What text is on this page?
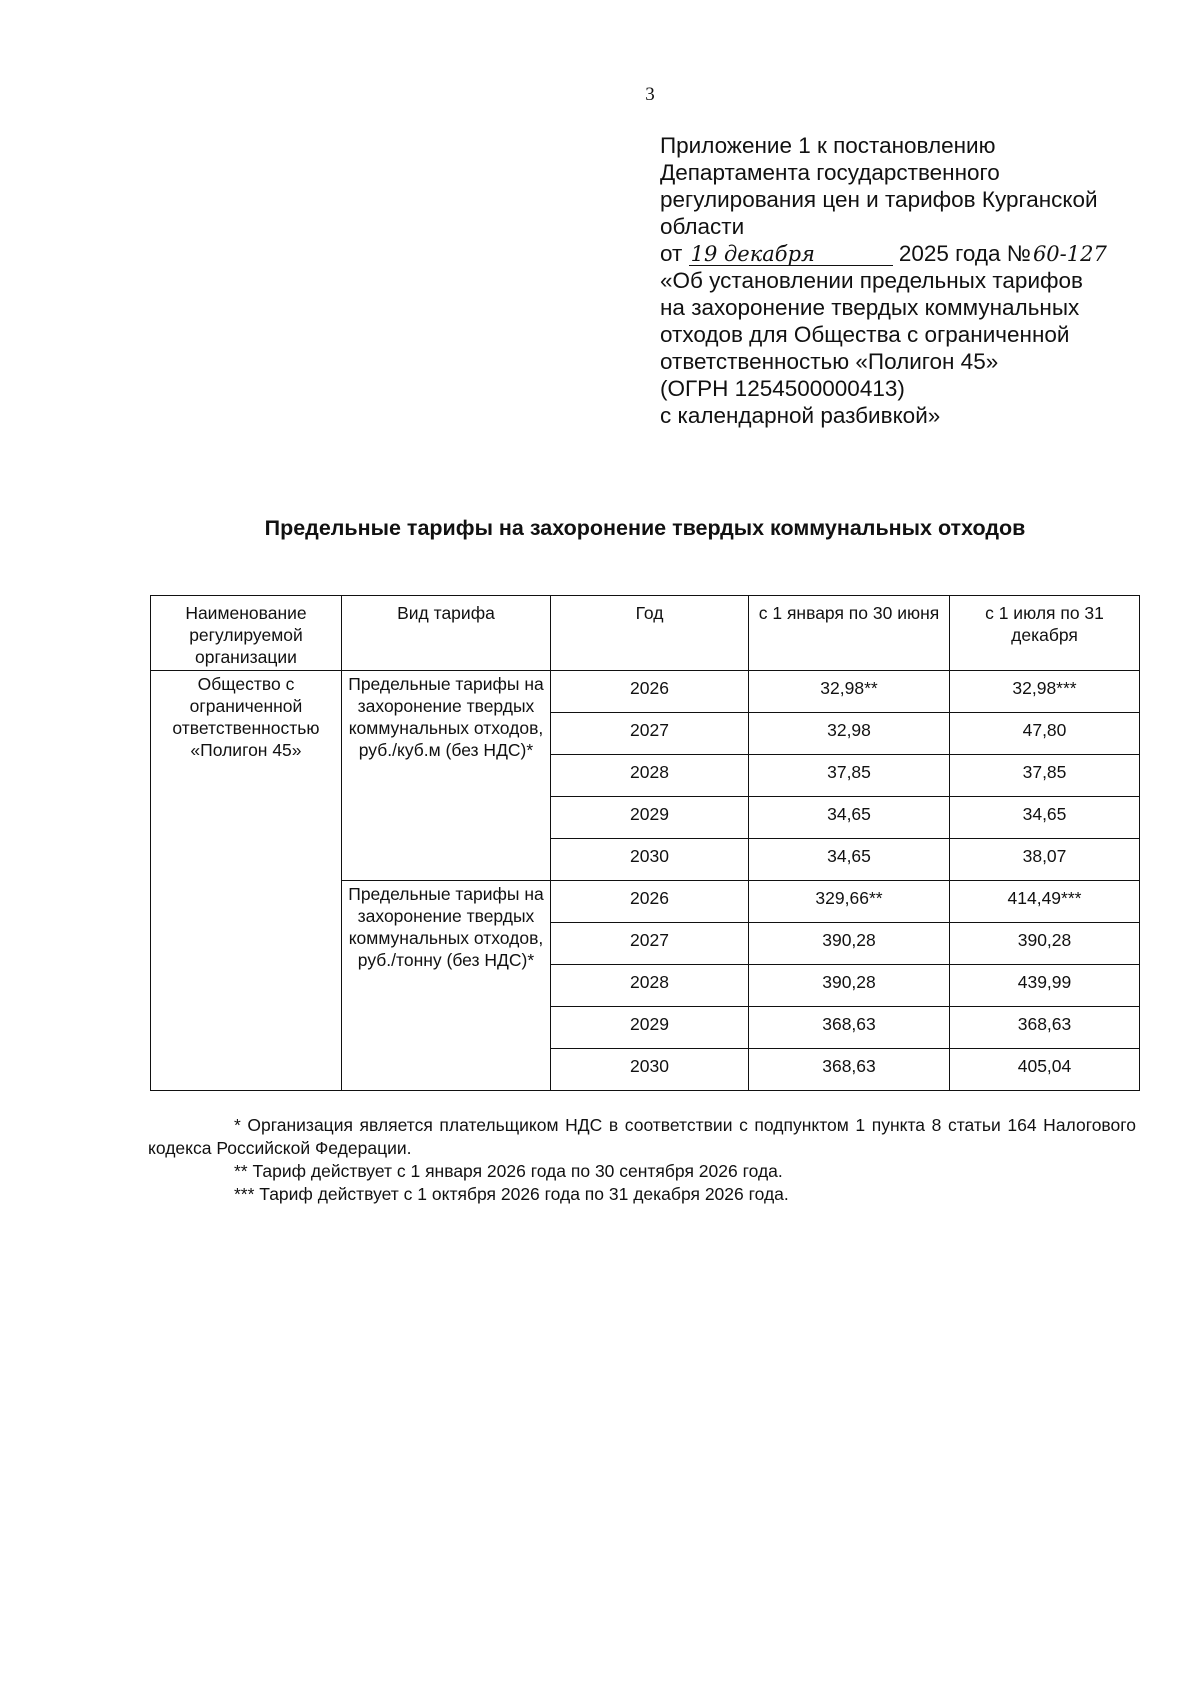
3
Приложение 1 к постановлению
Департамента государственного
регулирования цен и тарифов Курганской
области
от 19 декабря	2025 года №60-127
«Об установлении предельных тарифов
на захоронение твердых коммунальных
отходов для Общества с ограниченной
ответственностью «Полигон 45»
(ОГРН 1254500000413)
с календарной разбивкой»
Предельные тарифы на захоронение твердых коммунальных отходов
Наименование регулируемой организации	Вид тарифа	Год	с 1 января по 30 июня	с 1 июля по 31 декабря
Общество с ограниченной ответственностью «Полигон 45»	Предельные тарифы на захоронение твердых коммунальных отходов, руб./куб.м (без НДС)*	2026	32,98**	32,98***
		2027	32,98	47,80
		2028	37,85	37,85
		2029	34,65	34,65
		2030	34,65	38,07
	Предельные тарифы на захоронение твердых коммунальных отходов, руб./тонну (без НДС)*	2026	329,66**	414,49***
		2027	390,28	390,28
		2028	390,28	439,99
		2029	368,63	368,63
		2030	368,63	405,04
* Организация является плательщиком НДС в соответствии с подпунктом 1 пункта 8 статьи 164 Налогового кодекса Российской Федерации.
** Тариф действует с 1 января 2026 года по 30 сентября 2026 года.
*** Тариф действует с 1 октября 2026 года по 31 декабря 2026 года.
